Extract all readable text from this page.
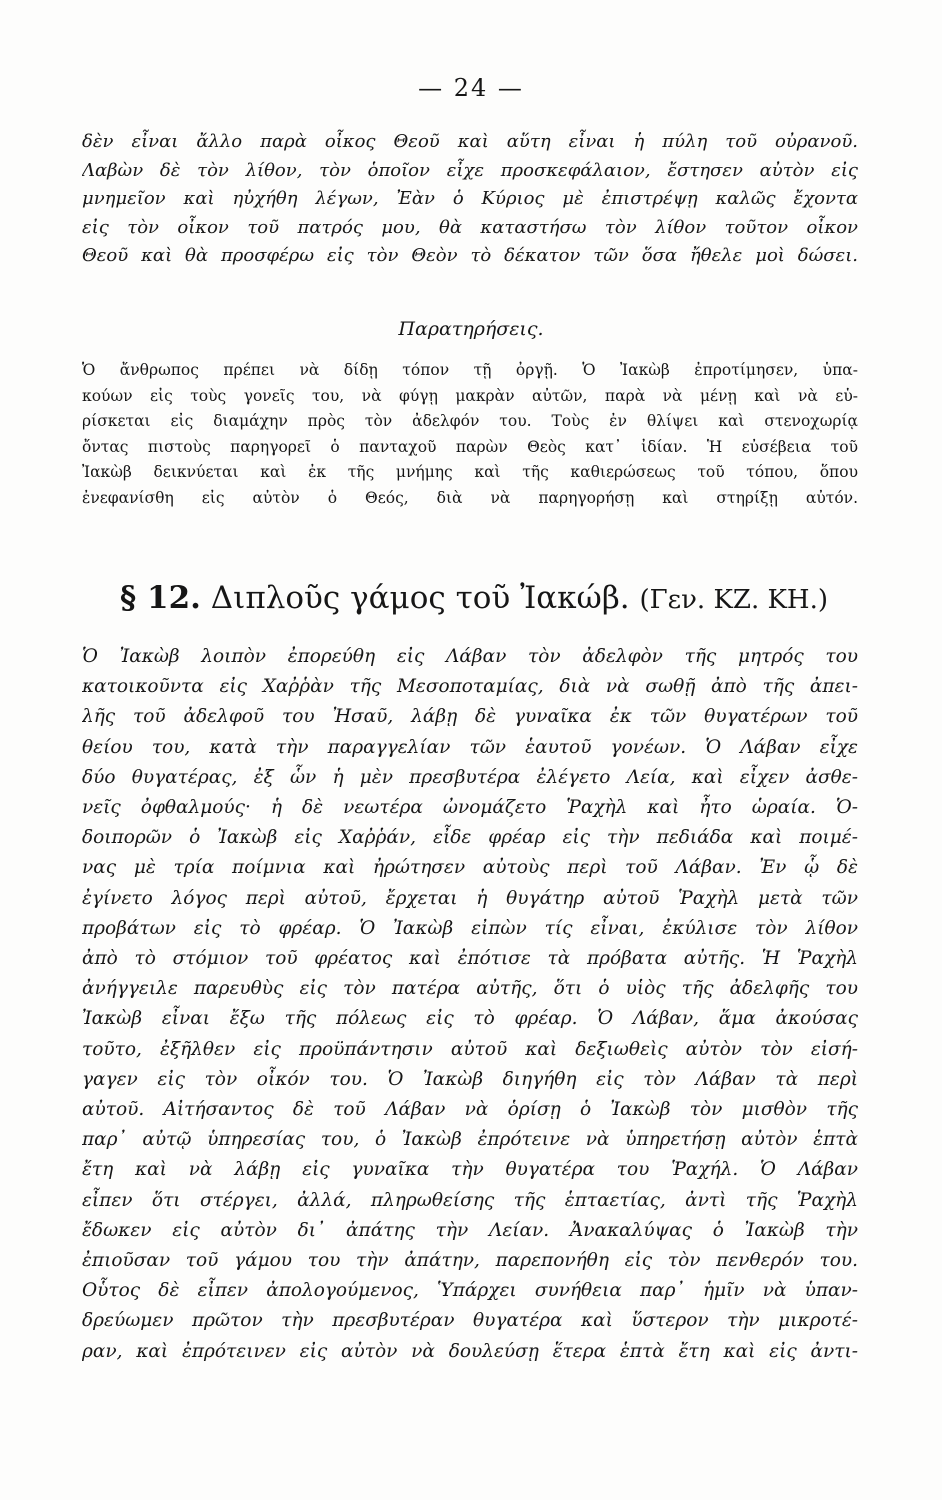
— 24 —
δὲν εἶναι ἄλλο παρὰ οἶκος Θεοῦ καὶ αὕτη εἶναι ἡ πύλη τοῦ οὐρανοῦ.
Λαβὼν δὲ τὸν λίθον, τὸν ὁποῖον εἶχε προσκεφάλαιον, ἔστησεν αὐτὸν εἰς
μνημεῖον καὶ ηὐχήθη λέγων, Ἐὰν ὁ Κύριος μὲ ἐπιστρέψῃ καλῶς ἔχοντα
εἰς τὸν οἶκον τοῦ πατρός μου, θὰ καταστήσω τὸν λίθον τοῦτον οἶκον
Θεοῦ καὶ θὰ προσφέρω εἰς τὸν Θεὸν τὸ δέκατον τῶν ὅσα ἤθελε μοὶ δώσει.
Παρατηρήσεις.
Ὁ ἄνθρωπος πρέπει νὰ δίδῃ τόπον τῇ ὀργῇ. Ὁ Ἰακὼβ ἐπροτίμησεν, ὑπα-
κούων εἰς τοὺς γονεῖς του, νὰ φύγῃ μακρὰν αὐτῶν, παρὰ νὰ μένῃ καὶ νὰ εὑ-
ρίσκεται εἰς διαμάχην πρὸς τὸν ἀδελφόν του. Τοὺς ἐν θλίψει καὶ στενοχωρίᾳ
ὄντας πιστοὺς παρηγορεῖ ὁ πανταχοῦ παρὼν Θεὸς κατ᾽ ἰδίαν. Ἡ εὐσέβεια τοῦ
Ἰακὼβ δεικνύεται καὶ ἐκ τῆς μνήμης καὶ τῆς καθιερώσεως τοῦ τόπου, ὅπου
ἐνεφανίσθη εἰς αὐτὸν ὁ Θεός, διὰ νὰ παρηγορήσῃ καὶ στηρίξῃ αὐτόν.
§ 12. Διπλοῦς γάμος τοῦ Ἰακώβ. (Γεν. ΚΖ. ΚΗ.)
Ὁ Ἰακὼβ λοιπὸν ἐπορεύθη εἰς Λάβαν τὸν ἀδελφὸν τῆς μητρός του
κατοικοῦντα εἰς Χαῤῥὰν τῆς Μεσοποταμίας, διὰ νὰ σωθῇ ἀπὸ τῆς ἀπει-
λῆς τοῦ ἀδελφοῦ του Ἠσαῦ, λάβῃ δὲ γυναῖκα ἐκ τῶν θυγατέρων τοῦ
θείου του, κατὰ τὴν παραγγελίαν τῶν ἑαυτοῦ γονέων. Ὁ Λάβαν εἶχε
δύο θυγατέρας, ἐξ ὧν ἡ μὲν πρεσβυτέρα ἐλέγετο Λεία, καὶ εἶχεν ἀσθε-
νεῖς ὀφθαλμούς· ἡ δὲ νεωτέρα ὠνομάζετο Ῥαχὴλ καὶ ἦτο ὡραία. Ὁ-
δοιπορῶν ὁ Ἰακὼβ εἰς Χαῤῥάν, εἶδε φρέαρ εἰς τὴν πεδιάδα καὶ ποιμέ-
νας μὲ τρία ποίμνια καὶ ἠρώτησεν αὐτοὺς περὶ τοῦ Λάβαν. Ἐν ᾧ δὲ
ἐγίνετο λόγος περὶ αὐτοῦ, ἔρχεται ἡ θυγάτηρ αὐτοῦ Ῥαχὴλ μετὰ τῶν
προβάτων εἰς τὸ φρέαρ. Ὁ Ἰακὼβ εἰπὼν τίς εἶναι, ἐκύλισε τὸν λίθον
ἀπὸ τὸ στόμιον τοῦ φρέατος καὶ ἐπότισε τὰ πρόβατα αὐτῆς. Ἡ Ῥαχὴλ
ἀνήγγειλε παρευθὺς εἰς τὸν πατέρα αὐτῆς, ὅτι ὁ υἱὸς τῆς ἀδελφῆς του
Ἰακὼβ εἶναι ἔξω τῆς πόλεως εἰς τὸ φρέαρ. Ὁ Λάβαν, ἅμα ἀκούσας
τοῦτο, ἐξῆλθεν εἰς προϋπάντησιν αὐτοῦ καὶ δεξιωθεὶς αὐτὸν τὸν εἰσή-
γαγεν εἰς τὸν οἶκόν του. Ὁ Ἰακὼβ διηγήθη εἰς τὸν Λάβαν τὰ περὶ
αὐτοῦ. Αἰτήσαντος δὲ τοῦ Λάβαν νὰ ὁρίσῃ ὁ Ἰακὼβ τὸν μισθὸν τῆς
παρ᾽ αὐτῷ ὑπηρεσίας του, ὁ Ἰακὼβ ἐπρότεινε νὰ ὑπηρετήσῃ αὐτὸν ἑπτὰ
ἔτη καὶ νὰ λάβῃ εἰς γυναῖκα τὴν θυγατέρα του Ῥαχήλ. Ὁ Λάβαν
εἶπεν ὅτι στέργει, ἀλλά, πληρωθείσης τῆς ἑπταετίας, ἀντὶ τῆς Ῥαχὴλ
ἔδωκεν εἰς αὐτὸν δι᾽ ἀπάτης τὴν Λείαν. Ἀνακαλύψας ὁ Ἰακὼβ τὴν
ἐπιοῦσαν τοῦ γάμου του τὴν ἀπάτην, παρεπονήθη εἰς τὸν πενθερόν του.
Οὗτος δὲ εἶπεν ἀπολογούμενος, Ὑπάρχει συνήθεια παρ᾽ ἡμῖν νὰ ὑπαν-
δρεύωμεν πρῶτον τὴν πρεσβυτέραν θυγατέρα καὶ ὕστερον τὴν μικροτέ-
ραν, καὶ ἐπρότεινεν εἰς αὐτὸν νὰ δουλεύσῃ ἕτερα ἑπτὰ ἔτη καὶ εἰς ἀντι-
